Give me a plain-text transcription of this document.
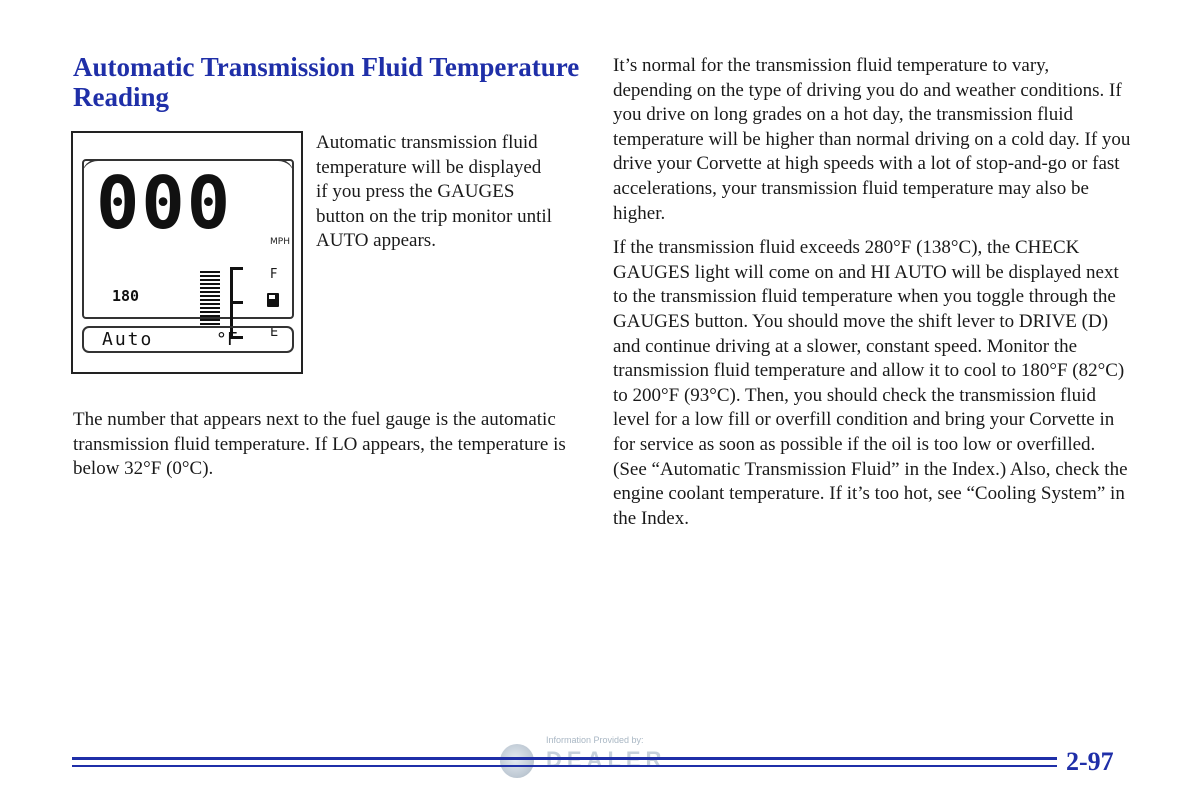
Automatic Transmission Fluid Temperature Reading
000	MPH
180
F
E
Auto	°F

Automatic transmission fluid temperature will be displayed if you press the GAUGES button on the trip monitor until AUTO appears.

The number that appears next to the fuel gauge is the automatic transmission fluid temperature. If LO appears, the temperature is below 32°F (0°C).

It’s normal for the transmission fluid temperature to vary, depending on the type of driving you do and weather conditions. If you drive on long grades on a hot day, the transmission fluid temperature will be higher than normal driving on a cold day. If you drive your Corvette at high speeds with a lot of stop-and-go or fast accelerations, your transmission fluid temperature may also be higher.

If the transmission fluid exceeds 280°F (138°C), the CHECK GAUGES light will come on and HI AUTO will be displayed next to the transmission fluid temperature when you toggle through the GAUGES button. You should move the shift lever to DRIVE (D) and continue driving at a slower, constant speed. Monitor the transmission fluid temperature and allow it to cool to 180°F (82°C) to 200°F (93°C). Then, you should check the transmission fluid level for a low fill or overfill condition and bring your Corvette in for service as soon as possible if the oil is too low or overfilled. (See “Automatic Transmission Fluid” in the Index.) Also, check the engine coolant temperature. If it’s too hot, see “Cooling System” in the Index.

Information Provided by:
2-97
